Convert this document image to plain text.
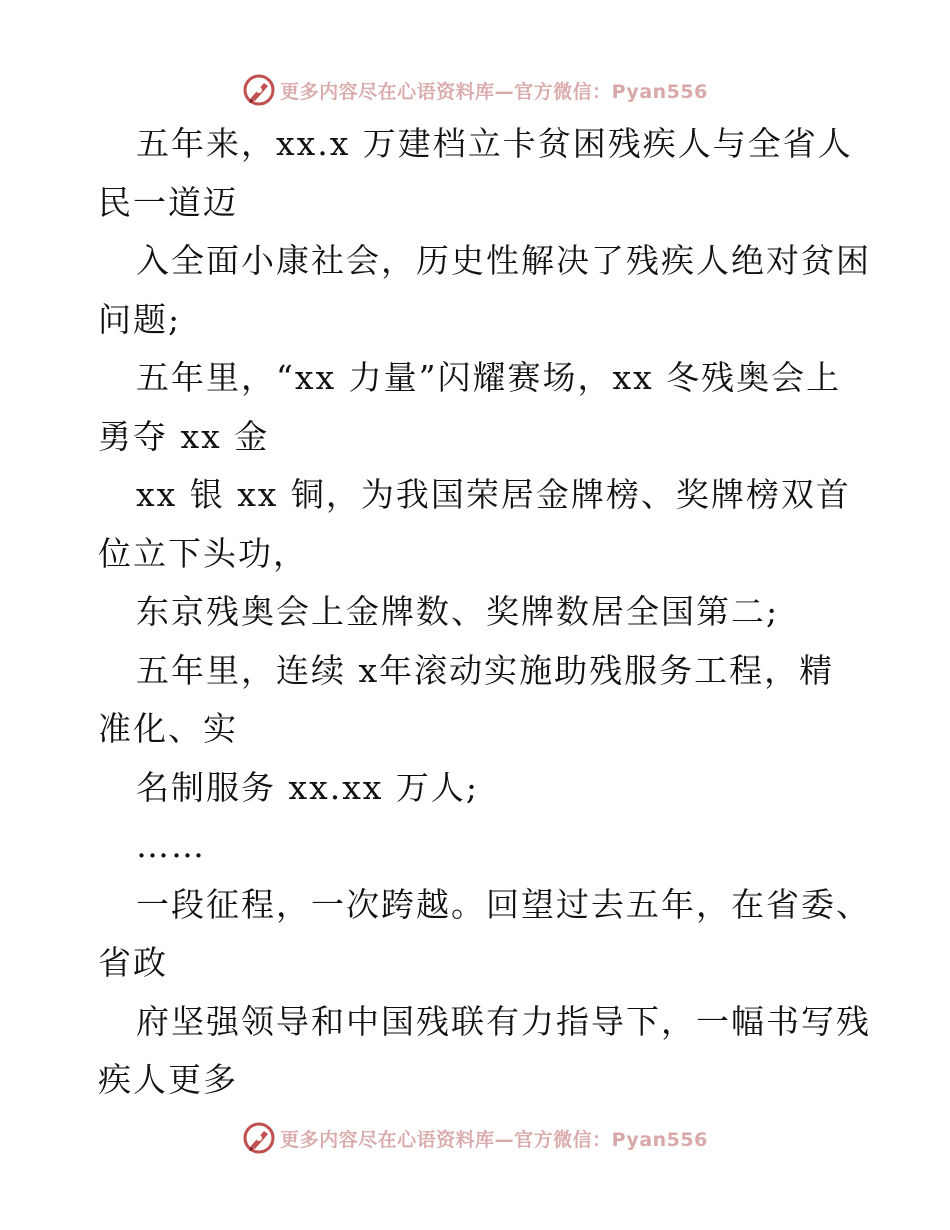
更多内容尽在心语资料库—官方微信：Pyan556
五年来，xx.x 万建档立卡贫困残疾人与全省人
民一道迈
入全面小康社会，历史性解决了残疾人绝对贫困
问题;
五年里，“xx 力量”闪耀赛场，xx 冬残奥会上
勇夺 xx 金
xx 银 xx 铜，为我国荣居金牌榜、奖牌榜双首
位立下头功，
东京残奥会上金牌数、奖牌数居全国第二;
五年里，连续 x年滚动实施助残服务工程，精
准化、实
名制服务 xx.xx 万人;
……
一段征程，一次跨越。回望过去五年，在省委、
省政
府坚强领导和中国残联有力指导下，一幅书写残
疾人更多
更多内容尽在心语资料库—官方微信：Pyan556
